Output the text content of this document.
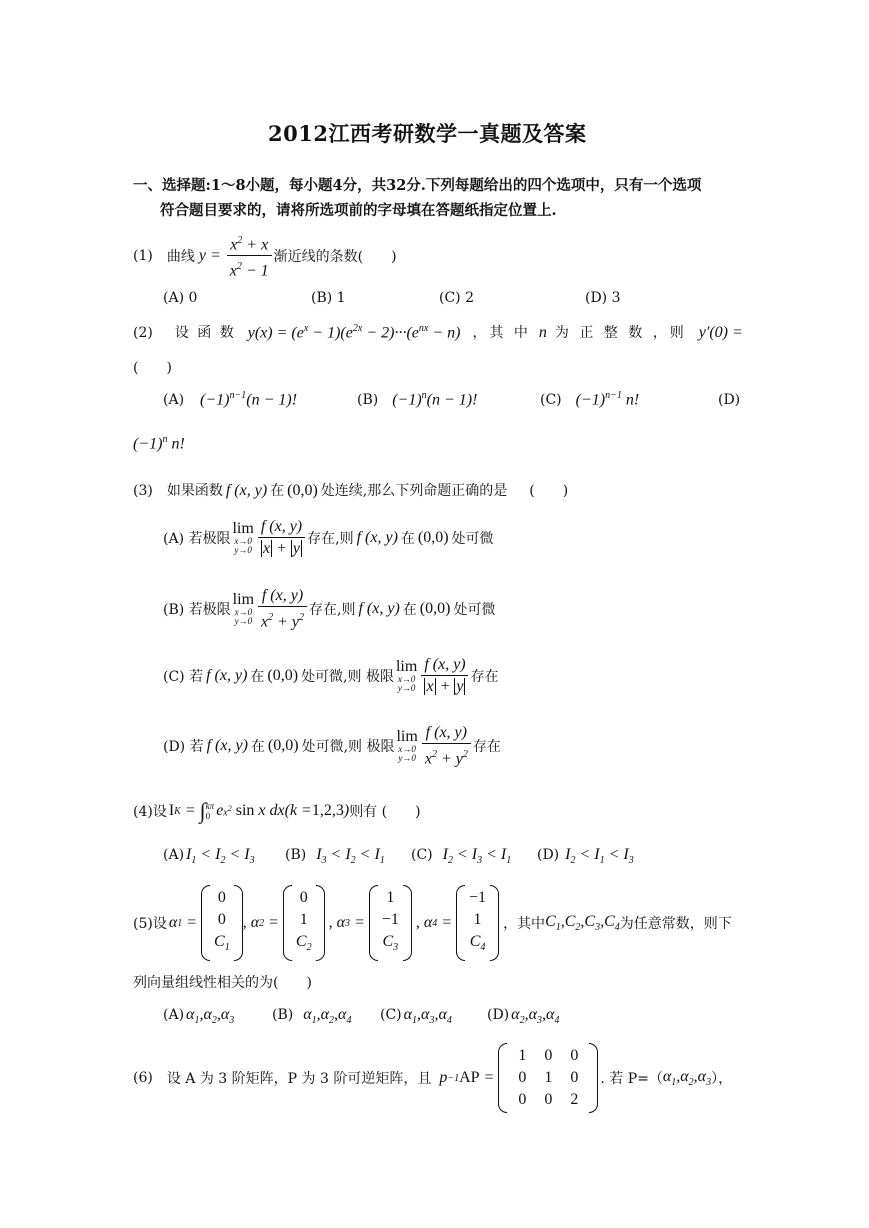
2012江西考研数学一真题及答案
一、选择题:1～8小题，每小题4分，共32分.下列每题给出的四个选项中，只有一个选项
符合题目要求的，请将所选项前的字母填在答题纸指定位置上.
(1) 曲线 $y = \frac{x^2 + x}{x^2 - 1}$ 渐近线的条数(　　)
(A) 0	(B) 1	(C) 2	(D) 3
(2) 设 函 数 $y(x) = (e^x - 1)(e^{2x} - 2)\cdot\cdot\cdot(e^{nx} - n)$ ，其 中 n 为 正 整 数 ，则 y′(0) =
(　　)
(A) $(-1)^{n-1}(n - 1)$!	(B) $(-1)^n(n - 1)$!	(C) $(-1)^{n-1}$ n!	(D)
$(-1)^n$ n!
(3) 如果函数 f (x, y) 在 (0,0) 处连续,那么下列命题正确的是 (　　)
(A) 若极限
lim
x→0
$y\to 0 \frac{f (x, y)}{x + y}$ 存在,则 f (x, y) 在 (0,0) 处可微
(B) 若极限
lim
x→0
$y\to 0 \frac{f (x, y)}{x^2 + y^2}$ 存在,则 f (x, y) 在 (0,0) 处可微
(C) 若 f (x, y) 在 (0,0) 处可微,则 极限
lim
x→0
$y\to 0 \frac{f (x, y)}{x + y}$ 存在
(D) 若 f (x, y) 在 (0,0) 处可微,则 极限
lim
x→0
$y\to 0 \frac{f (x, y)}{x^2 + y^2}$ 存在
(4)设 I K = ∫ kπ
0 e $x^2$
sin x dx(k = 1,2,3 ) 则有 (　　)
(A) $I_1 < I_2 < I_3$ (B) $I_3 < I_2 < I_1$ (C) $I_2 < I_3 < I_1$ (D) $I_2 < I_1 < I_3$
(5)设 α 1 =
0
0
$C_1$
, α 2 =
0
1
$C_2$

, α 3 =
1
−1
$C_3$

, α 4 =
−1
1
$C_4$
，其中 $C_1,C_2,C_3,C_4$ 为任意常数，则下
列向量组线性相关的为(　　)
(A) $\alpha_1,\alpha_2,\alpha_3$	(B) $\alpha_1,\alpha_2,\alpha_4$ (C) $\alpha_1,\alpha_3,\alpha_4$	(D) $\alpha_2,\alpha_3,\alpha_4$
(6) 设 A 为 3 阶矩阵，P 为 3 阶可逆矩阵，且 p −1 AP =
1	0	0
0	1	0
0	0	2
. 若 P=（ $\alpha_1,\alpha_2,\alpha_3$ ），
